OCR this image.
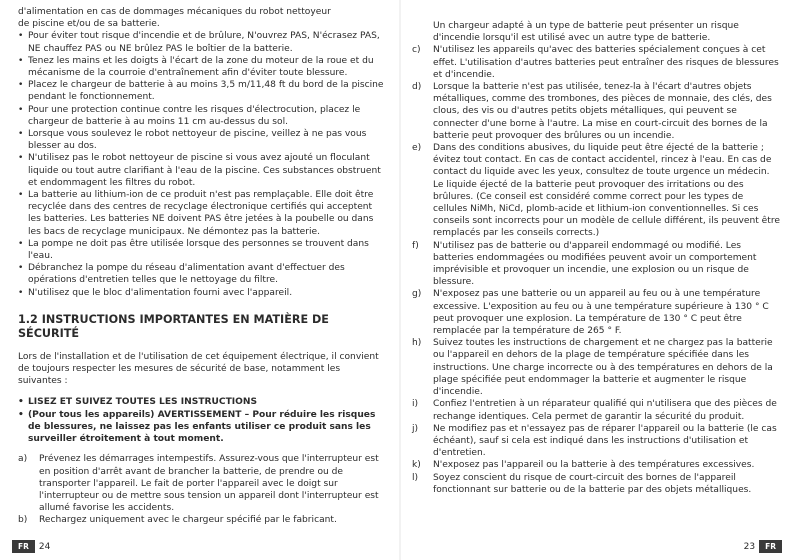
d'alimentation en cas de dommages mécaniques du robot nettoyeur

de piscine et/ou de sa batterie.

• Pour éviter tout risque d'incendie et de brûlure, N'ouvrez PAS, N'écrasez PAS, NE chauffez PAS ou NE brûlez PAS le boîtier de la batterie.

• Tenez les mains et les doigts à l'écart de la zone du moteur de la roue et du mécanisme de la courroie d'entraînement afin d'éviter toute blessure.

• Placez le chargeur de batterie à au moins 3,5 m/11,48 ft du bord de la piscine pendant le fonctionnement.

• Pour une protection continue contre les risques d'électrocution, placez le chargeur de batterie à au moins 11 cm au-dessus du sol.

• Lorsque vous soulevez le robot nettoyeur de piscine, veillez à ne pas vous blesser au dos.

• N'utilisez pas le robot nettoyeur de piscine si vous avez ajouté un floculant liquide ou tout autre clarifiant à l'eau de la piscine. Ces substances obstruent et endommagent les filtres du robot.

• La batterie au lithium-ion de ce produit n'est pas remplaçable. Elle doit être recyclée dans des centres de recyclage électronique certifiés qui acceptent les batteries. Les batteries NE doivent PAS être jetées à la poubelle ou dans les bacs de recyclage municipaux. Ne démontez pas la batterie.

• La pompe ne doit pas être utilisée lorsque des personnes se trouvent dans l'eau.

• Débranchez la pompe du réseau d'alimentation avant d'effectuer des opérations d'entretien telles que le nettoyage du filtre.

• N'utilisez que le bloc d'alimentation fourni avec l'appareil.

1.2 INSTRUCTIONS IMPORTANTES EN MATIÈRE DE SÉCURITÉ

Lors de l'installation et de l'utilisation de cet équipement électrique, il convient de toujours respecter les mesures de sécurité de base, notamment les suivantes :

• LISEZ ET SUIVEZ TOUTES LES INSTRUCTIONS

• (Pour tous les appareils) AVERTISSEMENT – Pour réduire les risques de blessures, ne laissez pas les enfants utiliser ce produit sans les surveiller étroitement à tout moment.

a) Prévenez les démarrages intempestifs. Assurez-vous que l'interrupteur est en position d'arrêt avant de brancher la batterie, de prendre ou de transporter l'appareil. Le fait de porter l'appareil avec le doigt sur l'interrupteur ou de mettre sous tension un appareil dont l'interrupteur est allumé favorise les accidents.
b) Rechargez uniquement avec le chargeur spécifié par le fabricant.
23	FR

Un chargeur adapté à un type de batterie peut présenter un risque d'incendie lorsqu'il est utilisé avec un autre type de batterie.

c) N'utilisez les appareils qu'avec des batteries spécialement conçues à cet effet. L'utilisation d'autres batteries peut entraîner des risques de blessures et d'incendie.
d) Lorsque la batterie n'est pas utilisée, tenez-la à l'écart d'autres objets métalliques, comme des trombones, des pièces de monnaie, des clés, des clous, des vis ou d'autres petits objets métalliques, qui peuvent se connecter d'une borne à l'autre. La mise en court-circuit des bornes de la batterie peut provoquer des brûlures ou un incendie.
e) Dans des conditions abusives, du liquide peut être éjecté de la batterie ; évitez tout contact. En cas de contact accidentel, rincez à l'eau. En cas de contact du liquide avec les yeux, consultez de toute urgence un médecin. Le liquide éjecté de la batterie peut provoquer des irritations ou des brûlures. (Ce conseil est considéré comme correct pour les types de cellules NiMh, NiCd, plomb-acide et lithium-ion conventionnelles. Si ces conseils sont incorrects pour un modèle de cellule différent, ils peuvent être remplacés par les conseils corrects.)
f) N'utilisez pas de batterie ou d'appareil endommagé ou modifié. Les batteries endommagées ou modifiées peuvent avoir un comportement imprévisible et provoquer un incendie, une explosion ou un risque de blessure.
g) N'exposez pas une batterie ou un appareil au feu ou à une température excessive. L'exposition au feu ou à une température supérieure à 130 ° C peut provoquer une explosion. La température de 130 ° C peut être remplacée par la température de 265 ° F.
h) Suivez toutes les instructions de chargement et ne chargez pas la batterie ou l'appareil en dehors de la plage de température spécifiée dans les instructions. Une charge incorrecte ou à des températures en dehors de la plage spécifiée peut endommager la batterie et augmenter le risque d'incendie.
i) Confiez l'entretien à un réparateur qualifié qui n'utilisera que des pièces de rechange identiques. Cela permet de garantir la sécurité du produit.
j) Ne modifiez pas et n'essayez pas de réparer l'appareil ou la batterie (le cas échéant), sauf si cela est indiqué dans les instructions d'utilisation et d'entretien.
k) N'exposez pas l'appareil ou la batterie à des températures excessives.
l) Soyez conscient du risque de court-circuit des bornes de l'appareil fonctionnant sur batterie ou de la batterie par des objets métalliques.
FR	24
